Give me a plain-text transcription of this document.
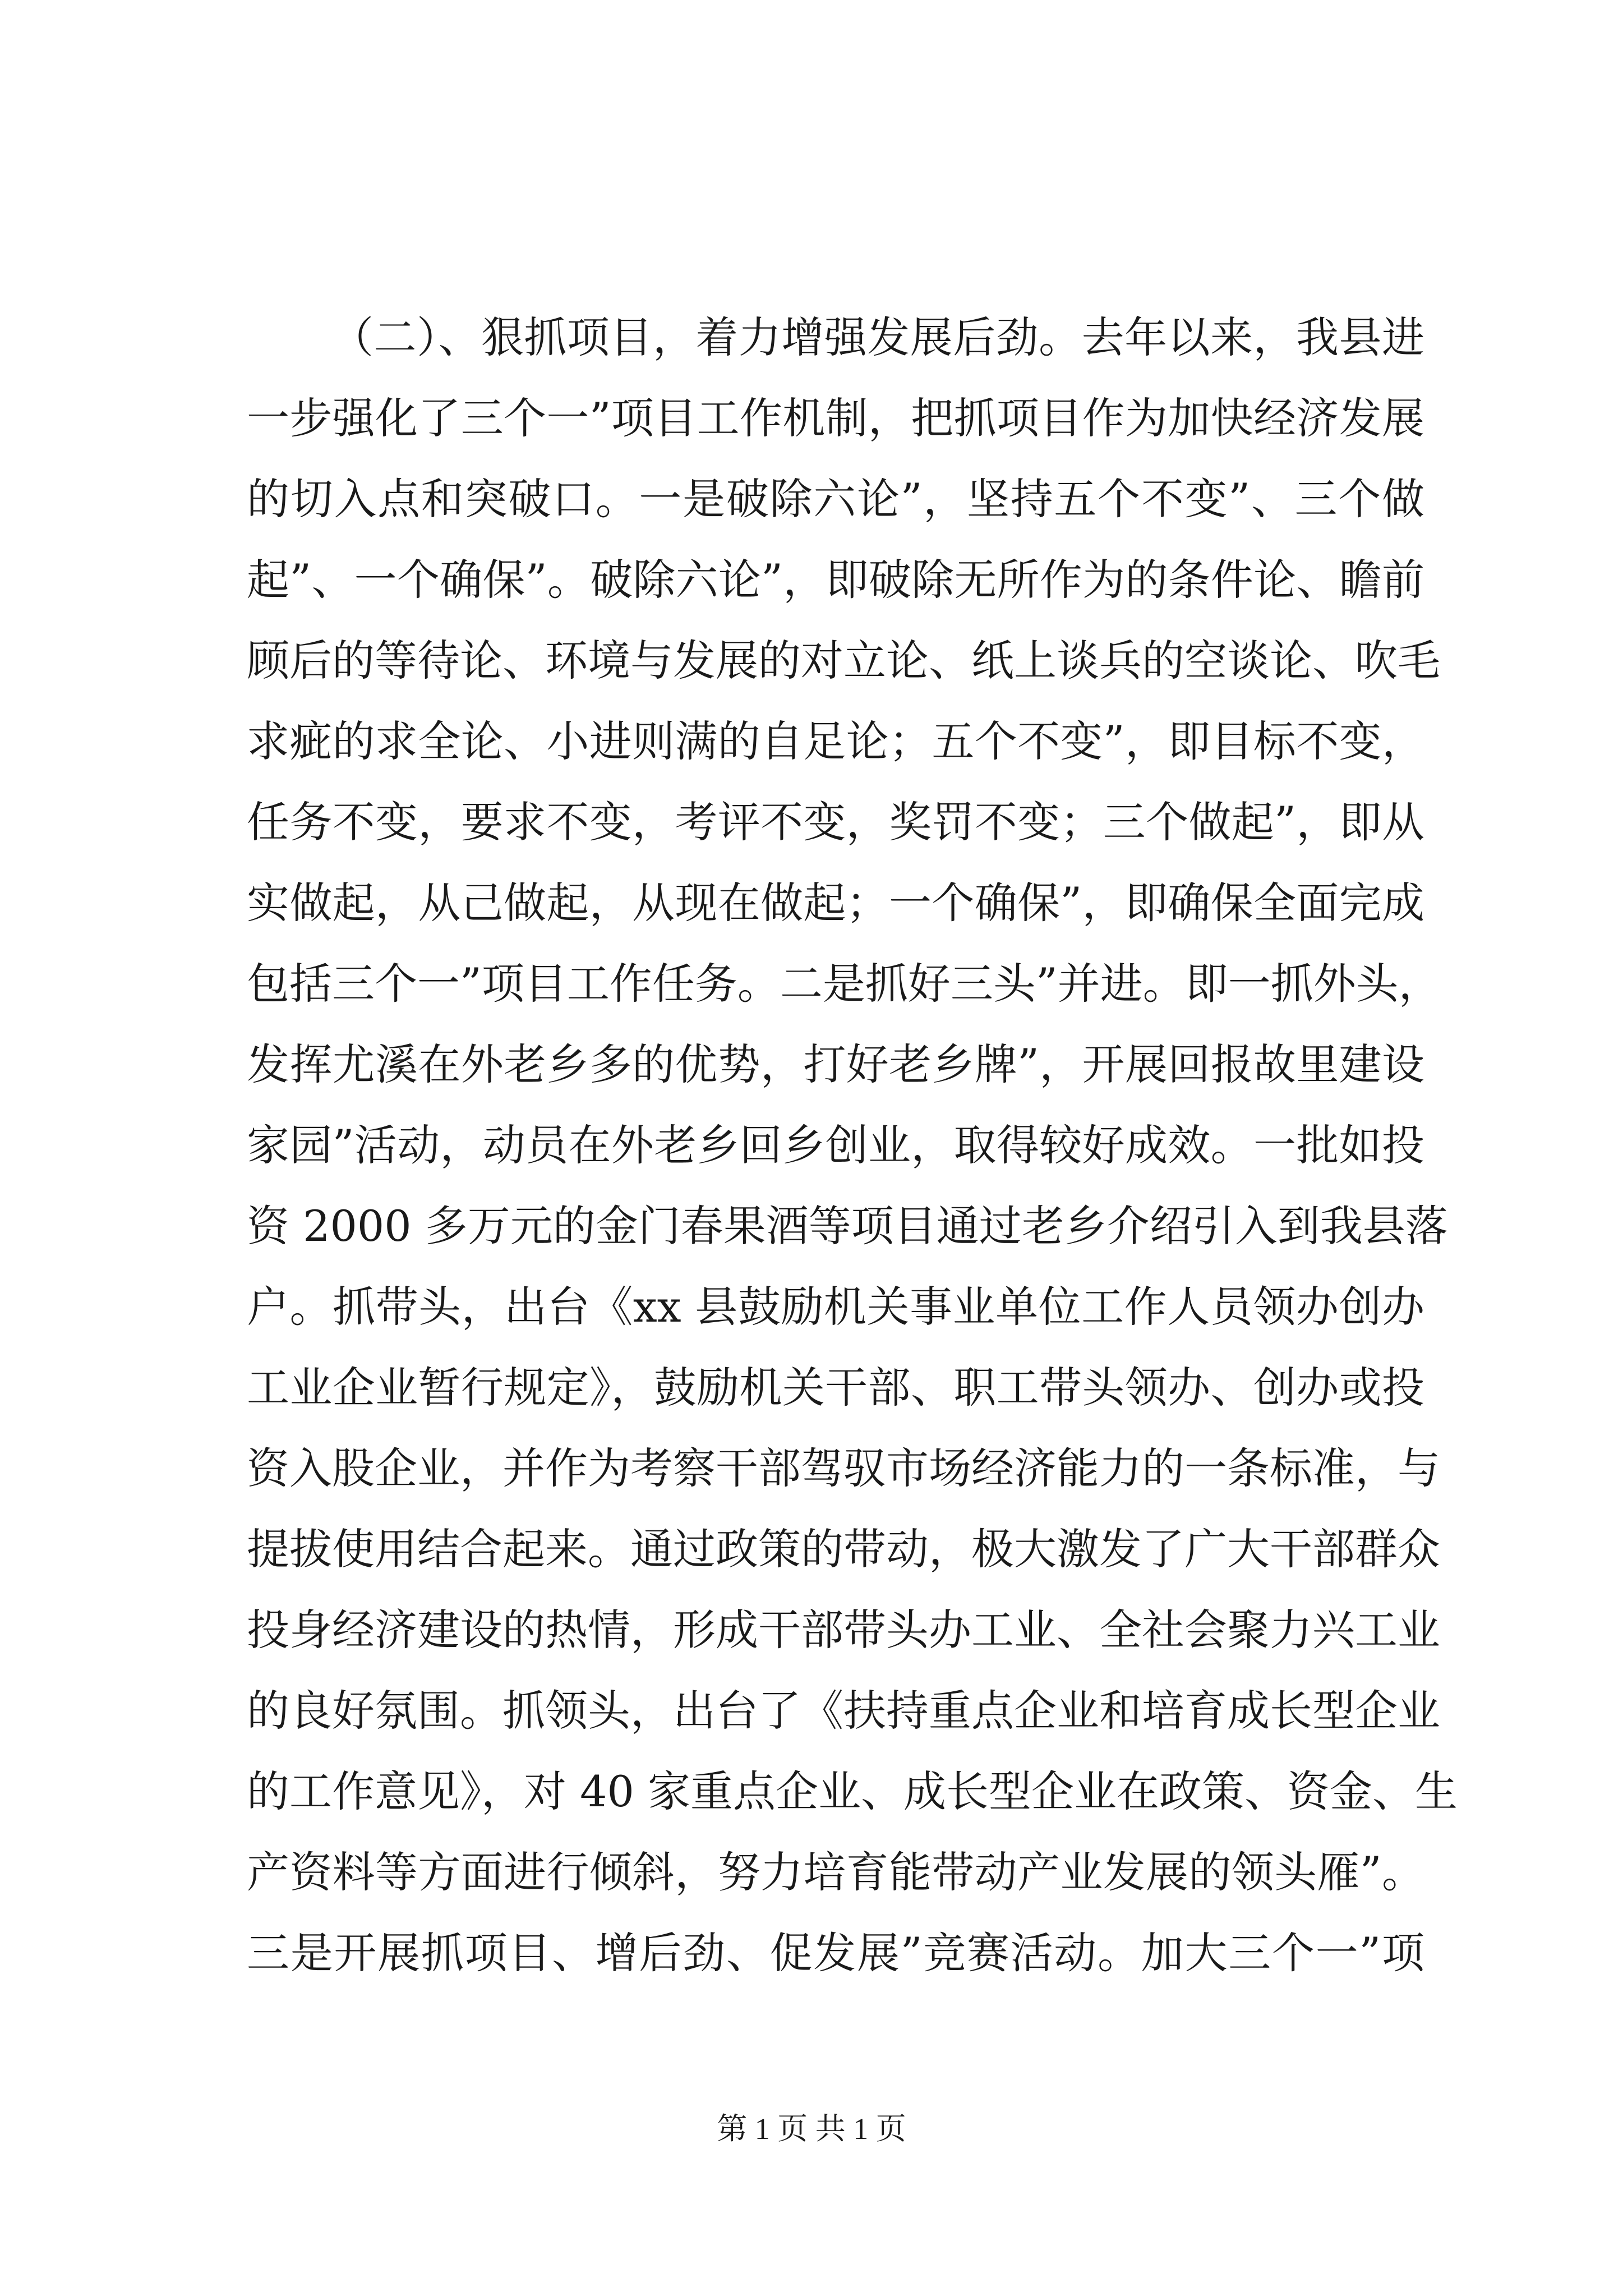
（二）、狠抓项目，着力增强发展后劲。去年以来，我县进
一步强化了三个一”项目工作机制，把抓项目作为加快经济发展
的切入点和突破口。一是破除六论”，坚持五个不变”、三个做
起”、一个确保”。破除六论”，即破除无所作为的条件论、瞻前
顾后的等待论、环境与发展的对立论、纸上谈兵的空谈论、吹毛
求疵的求全论、小进则满的自足论；五个不变”，即目标不变，
任务不变，要求不变，考评不变，奖罚不变；三个做起”，即从
实做起，从己做起，从现在做起；一个确保”，即确保全面完成
包括三个一”项目工作任务。二是抓好三头”并进。即一抓外头，
发挥尤溪在外老乡多的优势，打好老乡牌”，开展回报故里建设
家园”活动，动员在外老乡回乡创业，取得较好成效。一批如投
资 2000 多万元的金门春果酒等项目通过老乡介绍引入到我县落
户。抓带头，出台《xx 县鼓励机关事业单位工作人员领办创办
工业企业暂行规定》，鼓励机关干部、职工带头领办、创办或投
资入股企业，并作为考察干部驾驭市场经济能力的一条标准，与
提拔使用结合起来。通过政策的带动，极大激发了广大干部群众
投身经济建设的热情，形成干部带头办工业、全社会聚力兴工业
的良好氛围。抓领头，出台了《扶持重点企业和培育成长型企业
的工作意见》，对 40 家重点企业、成长型企业在政策、资金、生
产资料等方面进行倾斜，努力培育能带动产业发展的领头雁”。
三是开展抓项目、增后劲、促发展”竞赛活动。加大三个一”项
第 1 页 共 1 页
